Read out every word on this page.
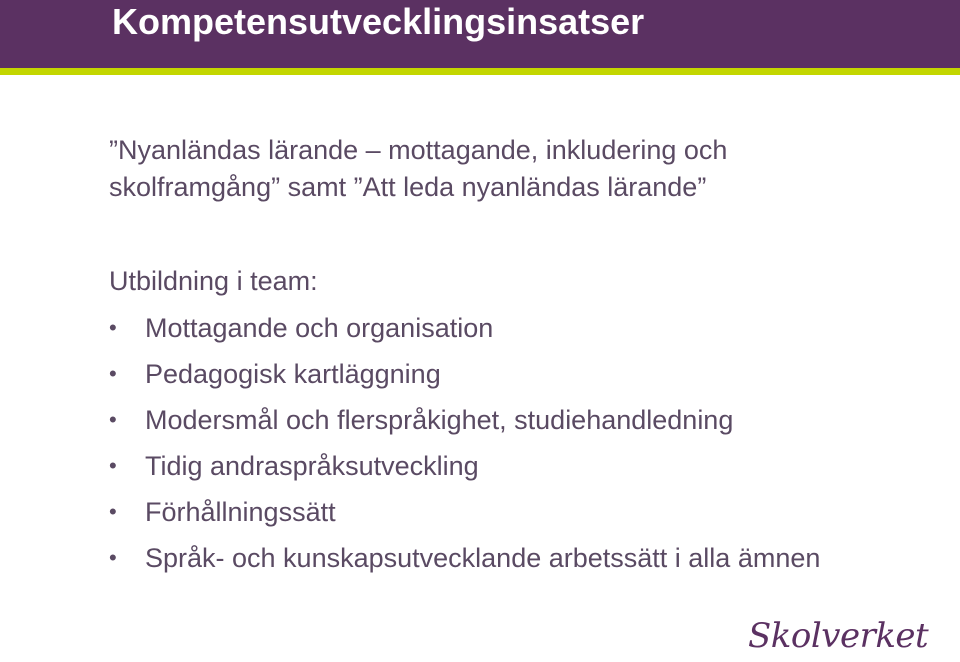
Kompetensutvecklingsinsatser

”Nyanländas lärande – mottagande, inkludering och skolframgång” samt ”Att leda nyanländas lärande”

Utbildning i team:

• Mottagande och organisation
• Pedagogisk kartläggning
• Modersmål och flerspråkighet, studiehandledning
• Tidig andraspråksutveckling
• Förhållningssätt
• Språk- och kunskapsutvecklande arbetssätt i alla ämnen
Skolverket
